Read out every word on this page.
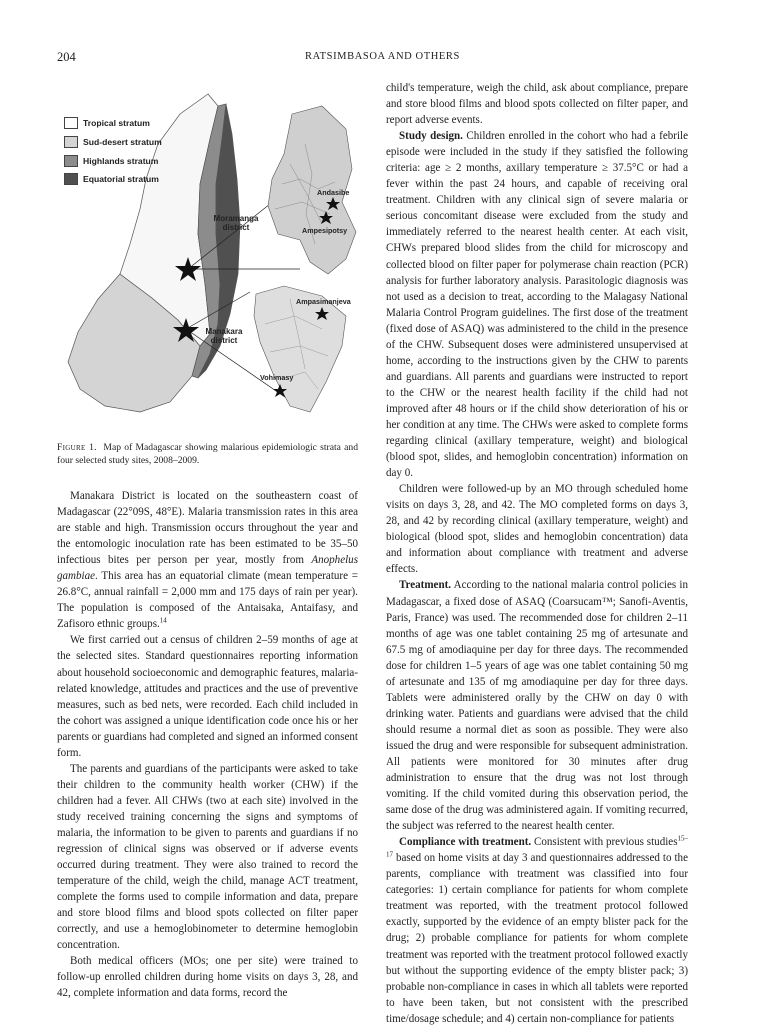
204	RATSIMBASOA AND OTHERS
Tropical stratum
Sud-desert stratum
Highlands stratum
Equatorial stratum
Moramanga district
Manakara district
Andasibe
Ampesipotsy
Ampasimanjeva
Vohimasy
Figure 1. Map of Madagascar showing malarious epidemiologic strata and four selected study sites, 2008–2009.

Manakara District is located on the southeastern coast of Madagascar (22°09S, 48°E). Malaria transmission rates in this area are stable and high. Transmission occurs throughout the year and the entomologic inoculation rate has been estimated to be 35–50 infectious bites per person per year, mostly from Anophelus gambiae. This area has an equatorial climate (mean temperature = 26.8°C, annual rainfall = 2,000 mm and 175 days of rain per year). The population is composed of the Antaisaka, Antaifasy, and Zafisoro ethnic groups.$^{14}$

We first carried out a census of children 2–59 months of age at the selected sites. Standard questionnaires reporting information about household socioeconomic and demographic features, malaria-related knowledge, attitudes and practices and the use of preventive measures, such as bed nets, were recorded. Each child included in the cohort was assigned a unique identification code once his or her parents or guardians had completed and signed an informed consent form.

The parents and guardians of the participants were asked to take their children to the community health worker (CHW) if the children had a fever. All CHWs (two at each site) involved in the study received training concerning the signs and symptoms of malaria, the information to be given to parents and guardians if no regression of clinical signs was observed or if adverse events occurred during treatment. They were also trained to record the temperature of the child, weigh the child, manage ACT treatment, complete the forms used to compile information and data, prepare and store blood films and blood spots collected on filter paper correctly, and use a hemoglobinometer to determine hemoglobin concentration.

Both medical officers (MOs; one per site) were trained to follow-up enrolled children during home visits on days 3, 28, and 42, complete information and data forms, record the

child's temperature, weigh the child, ask about compliance, prepare and store blood films and blood spots collected on filter paper, and report adverse events.

Study design. Children enrolled in the cohort who had a febrile episode were included in the study if they satisfied the following criteria: age ≥ 2 months, axillary temperature ≥ 37.5°C or had a fever within the past 24 hours, and capable of receiving oral treatment. Children with any clinical sign of severe malaria or serious concomitant disease were excluded from the study and immediately referred to the nearest health center. At each visit, CHWs prepared blood slides from the child for microscopy and collected blood on filter paper for polymerase chain reaction (PCR) analysis for further laboratory analysis. Parasitologic diagnosis was not used as a decision to treat, according to the Malagasy National Malaria Control Program guidelines. The first dose of the treatment (fixed dose of ASAQ) was administered to the child in the presence of the CHW. Subsequent doses were administered unsupervised at home, according to the instructions given by the CHW to parents and guardians. All parents and guardians were instructed to report to the CHW or the nearest health facility if the child had not improved after 48 hours or if the child show deterioration of his or her condition at any time. The CHWs were asked to complete forms regarding clinical (axillary temperature, weight) and biological (blood spot, slides, and hemoglobin concentration) information on day 0.

Children were followed-up by an MO through scheduled home visits on days 3, 28, and 42. The MO completed forms on days 3, 28, and 42 by recording clinical (axillary temperature, weight) and biological (blood spot, slides and hemoglobin concentration) data and information about compliance with treatment and adverse effects.

Treatment. According to the national malaria control policies in Madagascar, a fixed dose of ASAQ (Coarsucam™; Sanofi-Aventis, Paris, France) was used. The recommended dose for children 2–11 months of age was one tablet containing 25 mg of artesunate and 67.5 mg of amodiaquine per day for three days. The recommended dose for children 1–5 years of age was one tablet containing 50 mg of artesunate and 135 of mg amodiaquine per day for three days. Tablets were administered orally by the CHW on day 0 with drinking water. Patients and guardians were advised that the child should resume a normal diet as soon as possible. They were also issued the drug and were responsible for subsequent administration. All patients were monitored for 30 minutes after drug administration to ensure that the drug was not lost through vomiting. If the child vomited during this observation period, the same dose of the drug was administered again. If vomiting recurred, the subject was referred to the nearest health center.

Compliance with treatment. Consistent with previous studies$^{15-17}$ based on home visits at day 3 and questionnaires addressed to the parents, compliance with treatment was classified into four categories: 1) certain compliance for patients for whom complete treatment was reported, with the treatment protocol followed exactly, supported by the evidence of an empty blister pack for the drug; 2) probable compliance for patients for whom complete treatment was reported with the treatment protocol followed exactly but without the supporting evidence of the empty blister pack; 3) probable non-compliance in cases in which all tablets were reported to have been taken, but not consistent with the prescribed time/dosage schedule; and 4) certain non-compliance for patients
